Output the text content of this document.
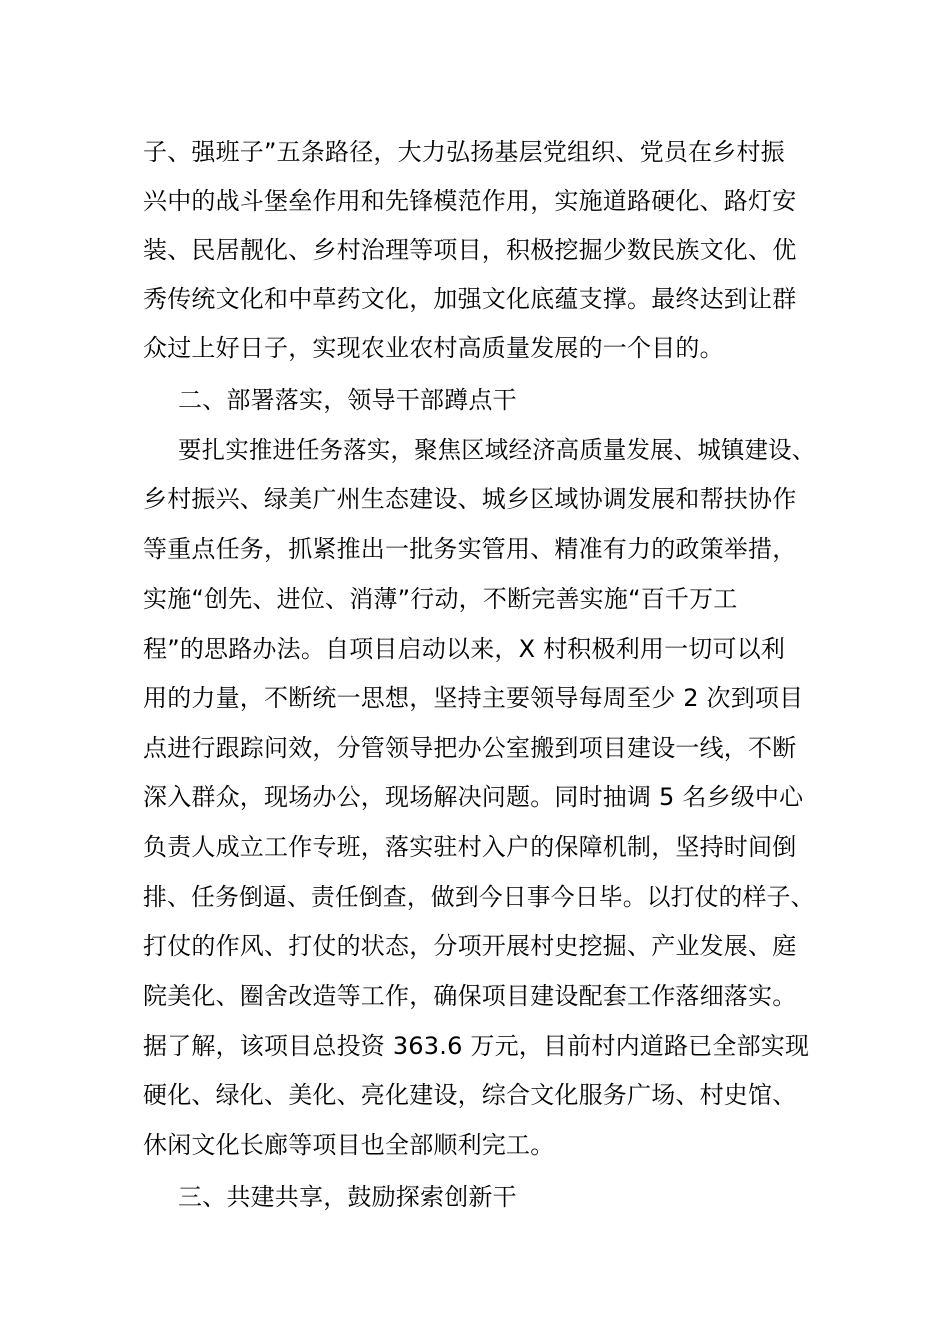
子、强班子”五条路径，大力弘扬基层党组织、党员在乡村振
兴中的战斗堡垒作用和先锋模范作用，实施道路硬化、路灯安
装、民居靓化、乡村治理等项目，积极挖掘少数民族文化、优
秀传统文化和中草药文化，加强文化底蕴支撑。最终达到让群
众过上好日子，实现农业农村高质量发展的一个目的。
二、部署落实，领导干部蹲点干
要扎实推进任务落实，聚焦区域经济高质量发展、城镇建设、
乡村振兴、绿美广州生态建设、城乡区域协调发展和帮扶协作
等重点任务，抓紧推出一批务实管用、精准有力的政策举措，
实施“创先、进位、消薄”行动，不断完善实施“百千万工
程”的思路办法。自项目启动以来，X 村积极利用一切可以利
用的力量，不断统一思想，坚持主要领导每周至少 2 次到项目
点进行跟踪问效，分管领导把办公室搬到项目建设一线，不断
深入群众，现场办公，现场解决问题。同时抽调 5 名乡级中心
负责人成立工作专班，落实驻村入户的保障机制，坚持时间倒
排、任务倒逼、责任倒查，做到今日事今日毕。以打仗的样子、
打仗的作风、打仗的状态，分项开展村史挖掘、产业发展、庭
院美化、圈舍改造等工作，确保项目建设配套工作落细落实。
据了解，该项目总投资 363.6 万元，目前村内道路已全部实现
硬化、绿化、美化、亮化建设，综合文化服务广场、村史馆、
休闲文化长廊等项目也全部顺利完工。
三、共建共享，鼓励探索创新干
